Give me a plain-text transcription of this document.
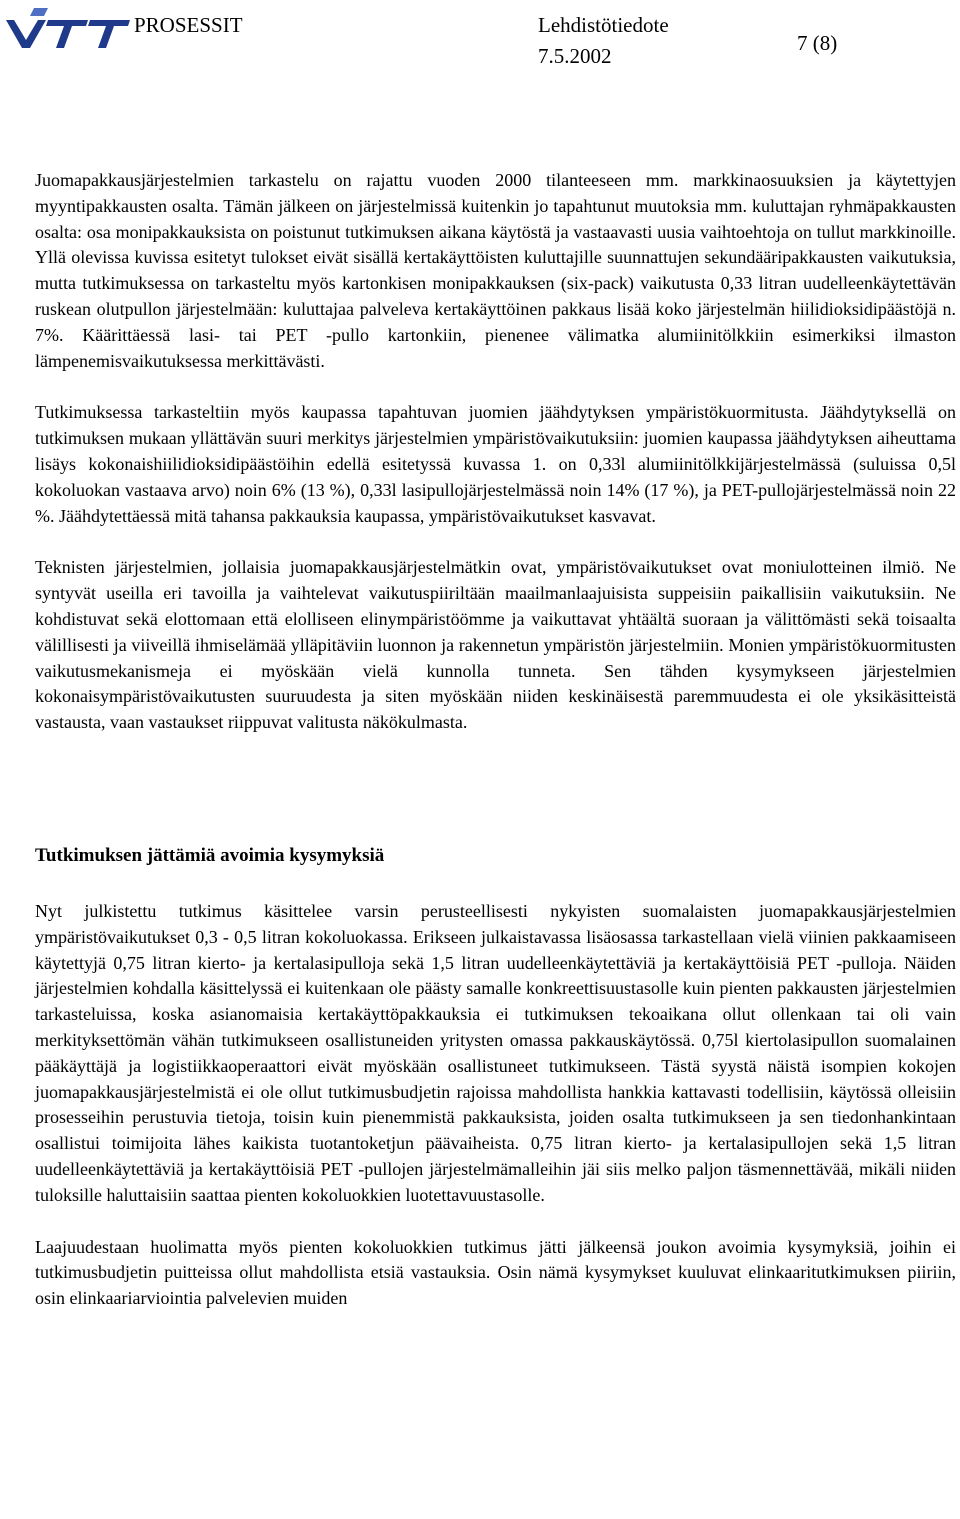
PROSESSIT	Lehdistötiedote
7.5.2002
7 (8)

Juomapakkausjärjestelmien tarkastelu on rajattu vuoden 2000 tilanteeseen mm. markkinaosuuksien ja käytettyjen myyntipakkausten osalta. Tämän jälkeen on järjestelmissä kuitenkin jo tapahtunut muutoksia mm. kuluttajan ryhmäpakkausten osalta: osa monipakkauksista on poistunut tutkimuksen aikana käytöstä ja vastaavasti uusia vaihtoehtoja on tullut markkinoille. Yllä olevissa kuvissa esitetyt tulokset eivät sisällä kertakäyttöisten kuluttajille suunnattujen sekundääripakkausten vaikutuksia, mutta tutkimuksessa on tarkasteltu myös kartonkisen monipakkauksen (six-pack) vaikutusta 0,33 litran uudelleenkäytettävän ruskean olutpullon järjestelmään: kuluttajaa palveleva kertakäyttöinen pakkaus lisää koko järjestelmän hiilidioksidipäästöjä n. 7%. Käärittäessä lasi- tai PET -pullo kartonkiin, pienenee välimatka alumiinitölkkiin esimerkiksi ilmaston lämpenemisvaikutuksessa merkittävästi.

Tutkimuksessa tarkasteltiin myös kaupassa tapahtuvan juomien jäähdytyksen ympäristökuormitusta. Jäähdytyksellä on tutkimuksen mukaan yllättävän suuri merkitys järjestelmien ympäristövaikutuksiin: juomien kaupassa jäähdytyksen aiheuttama lisäys kokonaishiilidioksidipäästöihin edellä esitetyssä kuvassa 1. on 0,33l alumiinitölkkijärjestelmässä (suluissa 0,5l kokoluokan vastaava arvo) noin 6% (13 %), 0,33l lasipullojärjestelmässä noin 14% (17 %), ja PET-pullojärjestelmässä noin 22 %. Jäähdytettäessä mitä tahansa pakkauksia kaupassa, ympäristövaikutukset kasvavat.

Teknisten järjestelmien, jollaisia juomapakkausjärjestelmätkin ovat, ympäristövaikutukset ovat moniulotteinen ilmiö. Ne syntyvät useilla eri tavoilla ja vaihtelevat vaikutuspiiriltään maailmanlaajuisista suppeisiin paikallisiin vaikutuksiin. Ne kohdistuvat sekä elottomaan että elolliseen elinympäristöömme ja vaikuttavat yhtäältä suoraan ja välittömästi sekä toisaalta välillisesti ja viiveillä ihmiselämää ylläpitäviin luonnon ja rakennetun ympäristön järjestelmiin. Monien ympäristökuormitusten vaikutusmekanismeja ei myöskään vielä kunnolla tunneta. Sen tähden kysymykseen järjestelmien kokonaisympäristövaikutusten suuruudesta ja siten myöskään niiden keskinäisestä paremmuudesta ei ole yksikäsitteistä vastausta, vaan vastaukset riippuvat valitusta näkökulmasta.

Tutkimuksen jättämiä avoimia kysymyksiä

Nyt julkistettu tutkimus käsittelee varsin perusteellisesti nykyisten suomalaisten juomapakkausjärjestelmien ympäristövaikutukset 0,3 - 0,5 litran kokoluokassa. Erikseen julkaistavassa lisäosassa tarkastellaan vielä viinien pakkaamiseen käytettyjä 0,75 litran kierto- ja kertalasipulloja sekä 1,5 litran uudelleenkäytettäviä ja kertakäyttöisiä PET -pulloja. Näiden järjestelmien kohdalla käsittelyssä ei kuitenkaan ole päästy samalle konkreettisuustasolle kuin pienten pakkausten järjestelmien tarkasteluissa, koska asianomaisia kertakäyttöpakkauksia ei tutkimuksen tekoaikana ollut ollenkaan tai oli vain merkityksettömän vähän tutkimukseen osallistuneiden yritysten omassa pakkauskäytössä. 0,75l kiertolasipullon suomalainen pääkäyttäjä ja logistiikkaoperaattori eivät myöskään osallistuneet tutkimukseen. Tästä syystä näistä isompien kokojen juomapakkausjärjestelmistä ei ole ollut tutkimusbudjetin rajoissa mahdollista hankkia kattavasti todellisiin, käytössä olleisiin prosesseihin perustuvia tietoja, toisin kuin pienemmistä pakkauksista, joiden osalta tutkimukseen ja sen tiedonhankintaan osallistui toimijoita lähes kaikista tuotantoketjun päävaiheista. 0,75 litran kierto- ja kertalasipullojen sekä 1,5 litran uudelleenkäytettäviä ja kertakäyttöisiä PET -pullojen järjestelmämalleihin jäi siis melko paljon täsmennettävää, mikäli niiden tuloksille haluttaisiin saattaa pienten kokoluokkien luotettavuustasolle.

Laajuudestaan huolimatta myös pienten kokoluokkien tutkimus jätti jälkeensä joukon avoimia kysymyksiä, joihin ei tutkimusbudjetin puitteissa ollut mahdollista etsiä vastauksia. Osin nämä kysymykset kuuluvat elinkaaritutkimuksen piiriin, osin elinkaariarviointia palvelevien muiden
